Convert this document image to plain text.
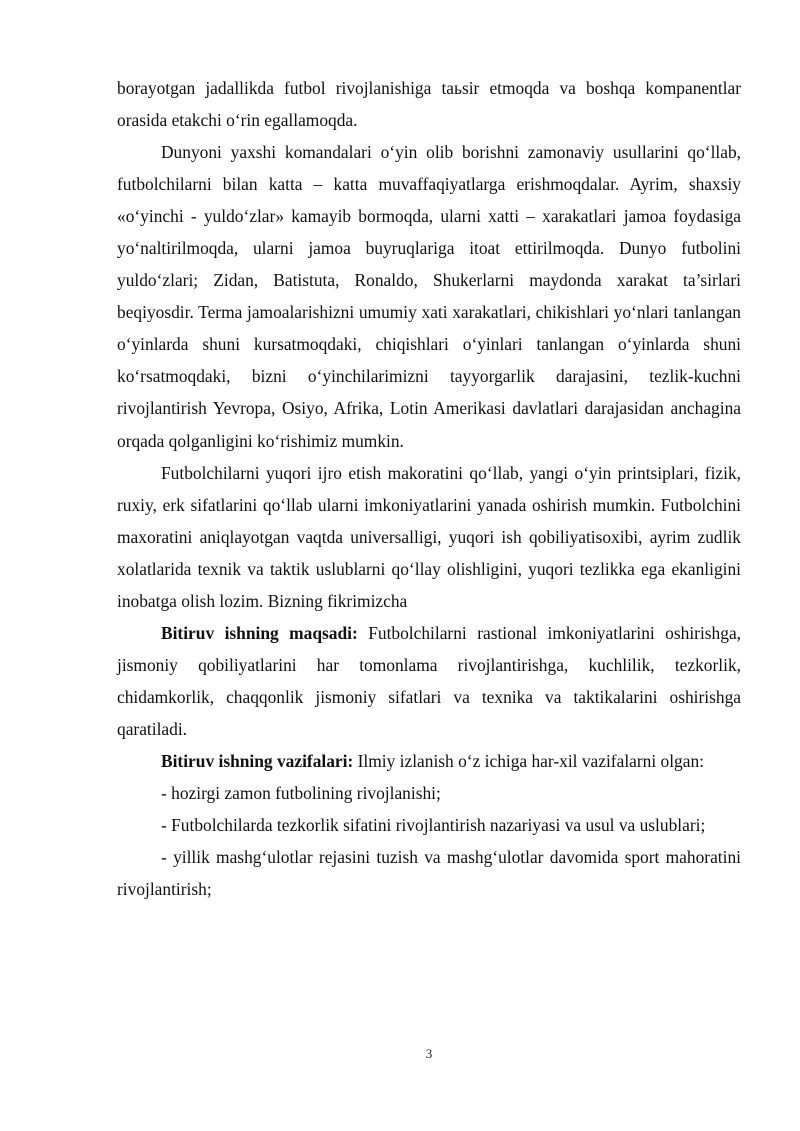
borayotgan jadallikda futbol rivojlanishiga taьsir etmoqda va boshqa kompanentlar orasida etakchi o‘rin egallamoqda.

Dunyoni yaxshi komandalari o‘yin olib borishni zamonaviy usullarini qo‘llab, futbolchilarni bilan katta – katta muvaffaqiyatlarga erishmoqdalar. Ayrim, shaxsiy «o‘yinchi - yuldo‘zlar» kamayib bormoqda, ularni xatti – xarakatlari jamoa foydasiga yo‘naltirilmoqda, ularni jamoa buyruqlariga itoat ettirilmoqda. Dunyo futbolini yuldo‘zlari; Zidan, Batistuta, Ronaldo, Shukerlarni maydonda xarakat ta’sirlari beqiyosdir. Terma jamoalarishizni umumiy xati xarakatlari, chikishlari yo‘nlari tanlangan o‘yinlarda shuni kursatmoqdaki, chiqishlari o‘yinlari tanlangan o‘yinlarda shuni ko‘rsatmoqdaki, bizni o‘yinchilarimizni tayyorgarlik darajasini, tezlik-kuchni rivojlantirish Yevropa, Osiyo, Afrika, Lotin Amerikasi davlatlari darajasidan anchagina orqada qolganligini ko‘rishimiz mumkin.

Futbolchilarni yuqori ijro etish makoratini qo‘llab, yangi o‘yin printsiplari, fizik, ruxiy, erk sifatlarini qo‘llab ularni imkoniyatlarini yanada oshirish mumkin. Futbolchini maxoratini aniqlayotgan vaqtda universalligi, yuqori ish qobiliyatisoxibi, ayrim zudlik xolatlarida texnik va taktik uslublarni qo‘llay olishligini, yuqori tezlikka ega ekanligini inobatga olish lozim. Bizning fikrimizcha

Bitiruv ishning maqsadi: Futbolchilarni rastional imkoniyatlarini oshirishga, jismoniy qobiliyatlarini har tomonlama rivojlantirishga, kuchlilik, tezkorlik, chidamkorlik, chaqqonlik jismoniy sifatlari va texnika va taktikalarini oshirishga qaratiladi.

Bitiruv ishning vazifalari: Ilmiy izlanish o‘z ichiga har-xil vazifalarni olgan:

- hozirgi zamon futbolining rivojlanishi;

- Futbolchilarda tezkorlik sifatini rivojlantirish nazariyasi va usul va uslublari;

- yillik mashg‘ulotlar rejasini tuzish va mashg‘ulotlar davomida sport mahoratini rivojlantirish;

3
